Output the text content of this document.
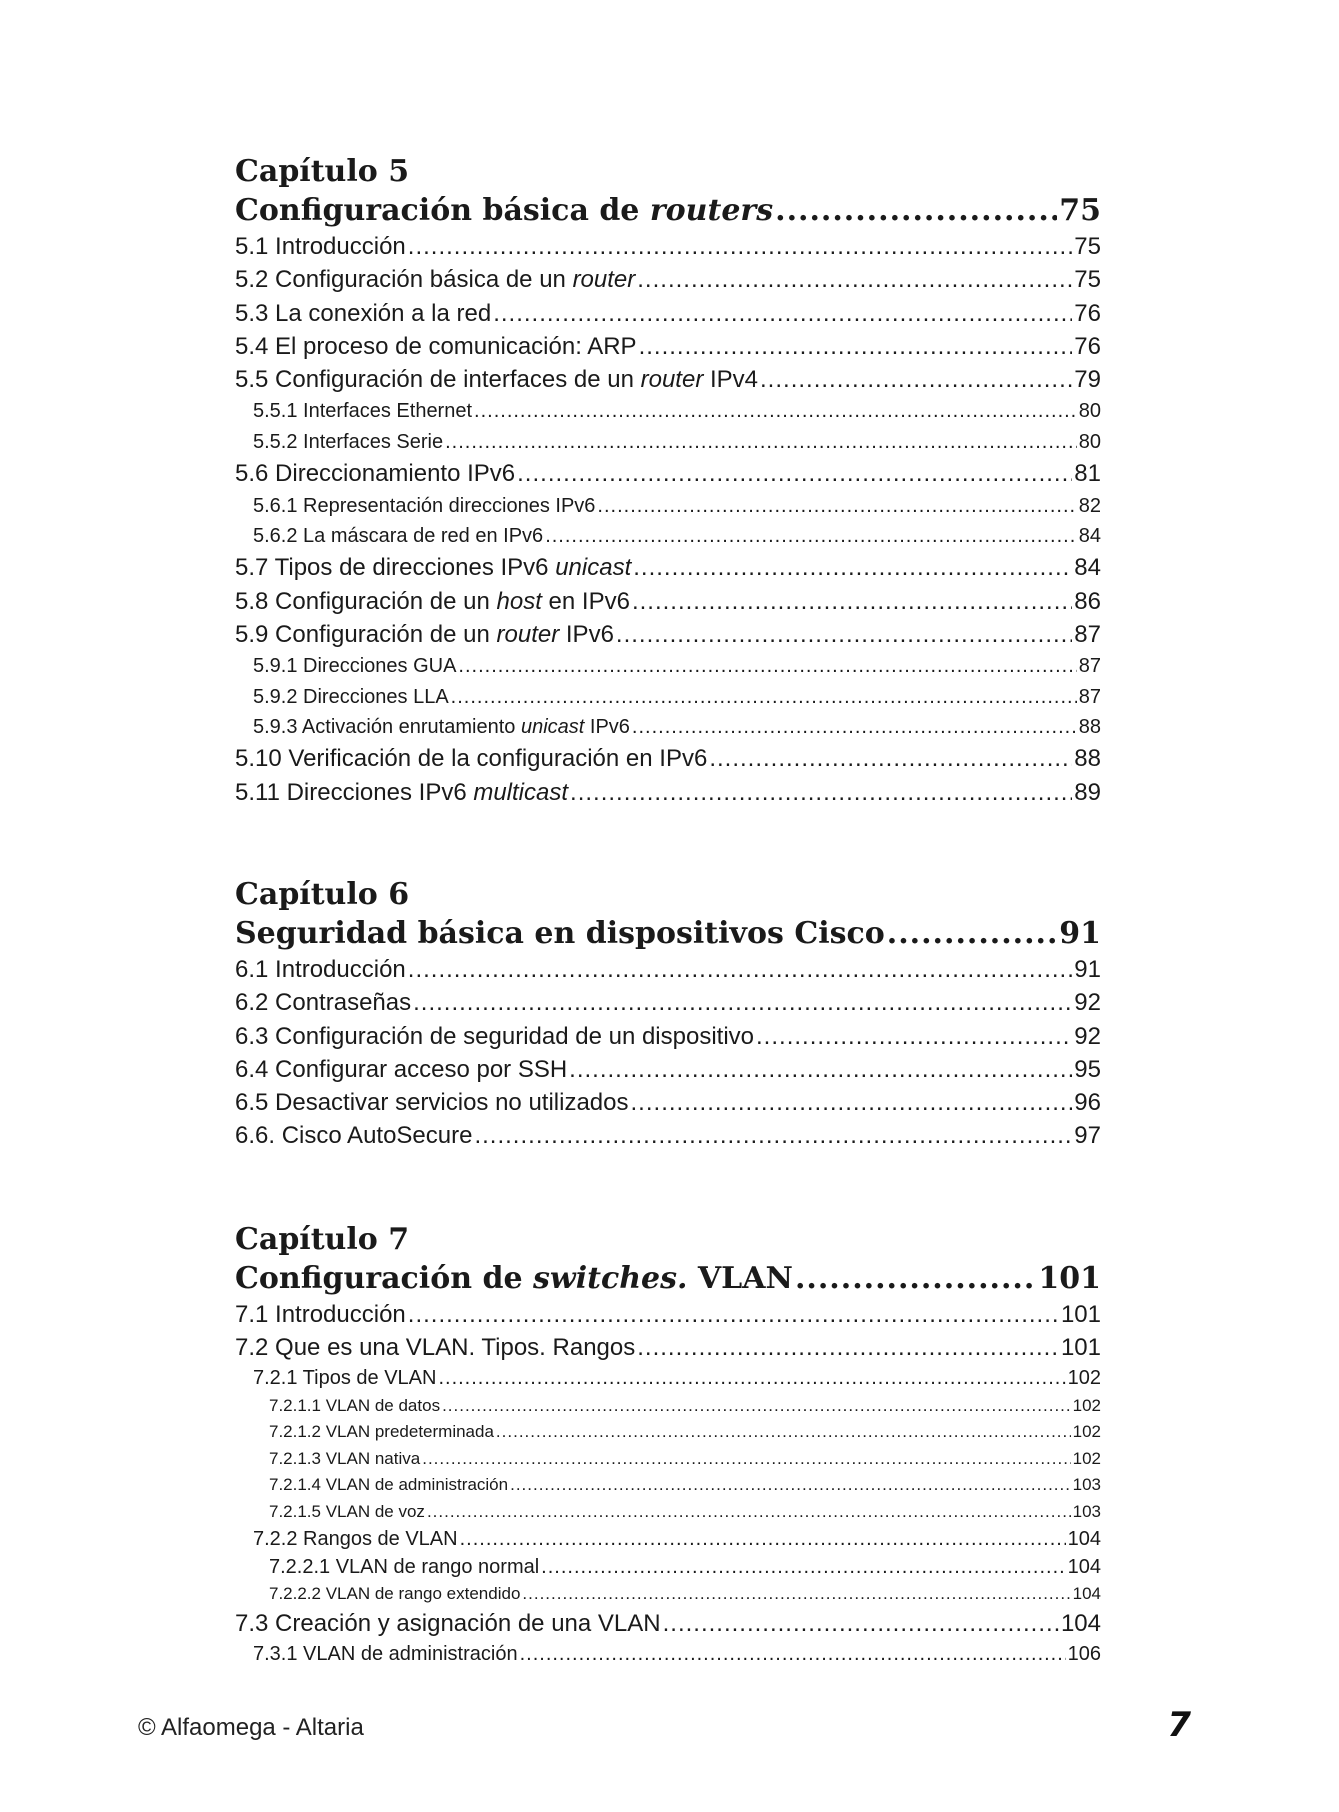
Capítulo 5
Configuración básica de routers .....	75
5.1 Introducción .....	75
5.2 Configuración básica de un router .....	75
5.3 La conexión a la red .....	76
5.4 El proceso de comunicación: ARP .....	76
5.5 Configuración de interfaces de un router IPv4 .....	79
5.5.1 Interfaces Ethernet .....	80
5.5.2 Interfaces Serie .....	80
5.6 Direccionamiento IPv6 .....	81
5.6.1 Representación direcciones IPv6 .....	82
5.6.2 La máscara de red en IPv6 .....	84
5.7 Tipos de direcciones IPv6 unicast .....	84
5.8 Configuración de un host en IPv6 .....	86
5.9 Configuración de un router IPv6 .....	87
5.9.1 Direcciones GUA .....	87
5.9.2 Direcciones LLA .....	87
5.9.3 Activación enrutamiento unicast IPv6 .....	88
5.10 Verificación de la configuración en IPv6 .....	88
5.11 Direcciones IPv6 multicast .....	89
Capítulo 6
Seguridad básica en dispositivos Cisco .....	91
6.1 Introducción .....	91
6.2 Contraseñas .....	92
6.3 Configuración de seguridad de un dispositivo .....	92
6.4 Configurar acceso por SSH .....	95
6.5 Desactivar servicios no utilizados .....	96
6.6. Cisco AutoSecure .....	97
Capítulo 7
Configuración de switches. VLAN .....	101
7.1 Introducción .....	101
7.2 Que es una VLAN. Tipos. Rangos .....	101
7.2.1 Tipos de VLAN .....	102
7.2.1.1 VLAN de datos .....	102
7.2.1.2 VLAN predeterminada .....	102
7.2.1.3 VLAN nativa .....	102
7.2.1.4 VLAN de administración .....	103
7.2.1.5 VLAN de voz .....	103
7.2.2 Rangos de VLAN .....	104
7.2.2.1 VLAN de rango normal .....	104
7.2.2.2 VLAN de rango extendido .....	104
7.3 Creación y asignación de una VLAN .....	104
7.3.1 VLAN de administración .....	106
© Alfaomega - Altaria	7
